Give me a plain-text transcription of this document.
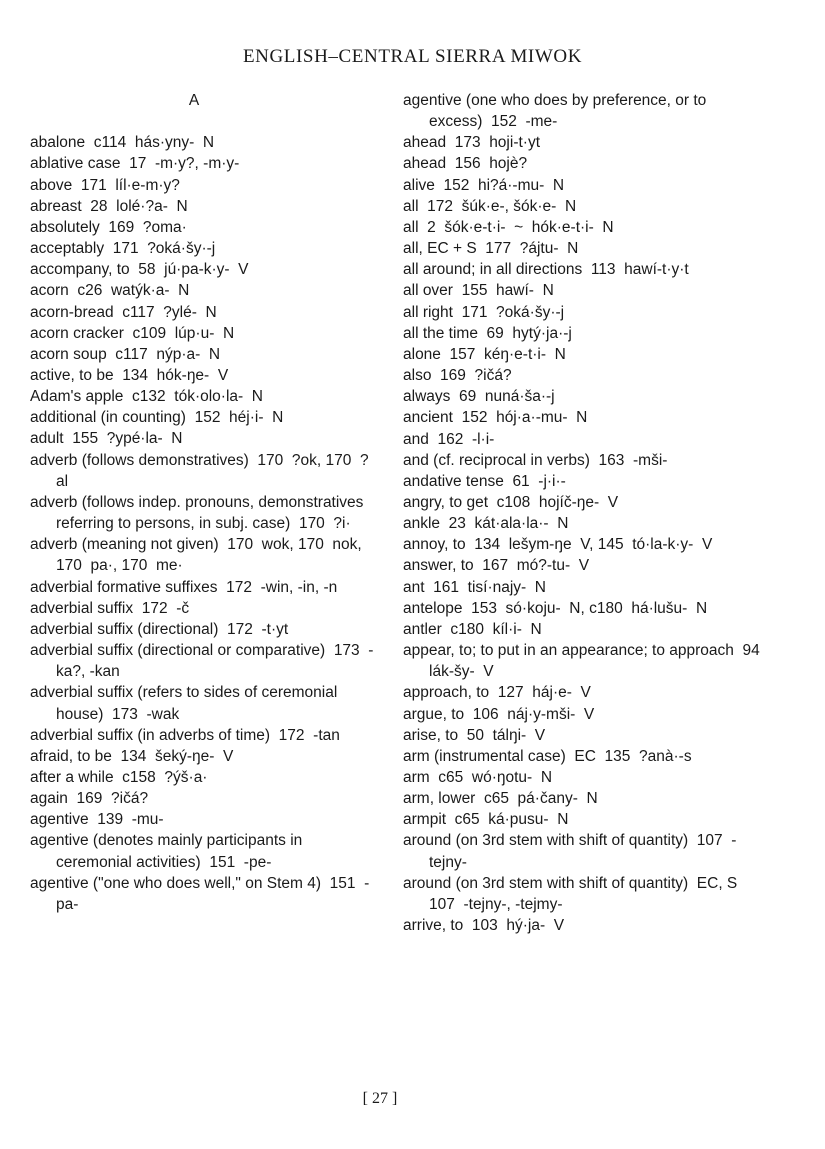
ENGLISH–CENTRAL SIERRA MIWOK
A
abalone  c114  hás·yny-  N
ablative case  17  -m·y?, -m·y-
above  171  líl·e-m·y?
abreast  28  lolé·?a-  N
absolutely  169  ?oma·
acceptably  171  ?oká·šy·-j
accompany, to  58  jú·pa-k·y-  V
acorn  c26  watýk·a-  N
acorn-bread  c117  ?ylé-  N
acorn cracker  c109  lúp·u-  N
acorn soup  c117  nýp·a-  N
active, to be  134  hók-ŋe-  V
Adam's apple  c132  tók·olo·la-  N
additional (in counting)  152  héj·i-  N
adult  155  ?ypé·la-  N
adverb (follows demonstratives)  170  ?ok, 170  ?al
adverb (follows indep. pronouns, demonstratives referring to persons, in subj. case)  170  ?i·
adverb (meaning not given)  170  wok, 170  nok, 170  pa·, 170  me·
adverbial formative suffixes  172  -win, -in, -n
adverbial suffix  172  -č
adverbial suffix (directional)  172  -t·yt
adverbial suffix (directional or comparative)  173  -ka?, -kan
adverbial suffix (refers to sides of ceremonial house)  173  -wak
adverbial suffix (in adverbs of time)  172  -tan
afraid, to be  134  šeký-ŋe-  V
after a while  c158  ?ýš·a·
again  169  ?ičá?
agentive  139  -mu-
agentive (denotes mainly participants in ceremonial activities)  151  -pe-
agentive ("one who does well," on Stem 4)  151  -pa-
agentive (one who does by preference, or to excess)  152  -me-
ahead  173  hoji-t·yt
ahead  156  hojè?
alive  152  hi?á·-mu-  N
all  172  šúk·e-, šók·e-  N
all  2  šók·e-t·i-  ~  hók·e-t·i-  N
all, EC + S  177  ?ájtu-  N
all around; in all directions  113  hawí-t·y·t
all over  155  hawí-  N
all right  171  ?oká·šy·-j
all the time  69  hytý·ja·-j
alone  157  kéŋ·e-t·i-  N
also  169  ?ičá?
always  69  nuná·ša·-j
ancient  152  hój·a·-mu-  N
and  162  -l·i-
and (cf. reciprocal in verbs)  163  -mši-
andative tense  61  -j·i·-
angry, to get  c108  hojíč-ŋe-  V
ankle  23  kát·ala·la·-  N
annoy, to  134  lešym-ŋe  V, 145  tó·la-k·y-  V
answer, to  167  mó?-tu-  V
ant  161  tisí·najy-  N
antelope  153  só·koju-  N, c180  há·lušu-  N
antler  c180  kíl·i-  N
appear, to; to put in an appearance; to approach  94  lák-šy-  V
approach, to  127  háj·e-  V
argue, to  106  náj·y-mši-  V
arise, to  50  tálŋi-  V
arm (instrumental case)  EC  135  ?anà·-s
arm  c65  wó·ŋotu-  N
arm, lower  c65  pá·čany-  N
armpit  c65  ká·pusu-  N
around (on 3rd stem with shift of quantity)  107  -tejny-
around (on 3rd stem with shift of quantity)  EC, S  107  -tejny-, -tejmy-
arrive, to  103  hý·ja-  V
[ 27 ]
